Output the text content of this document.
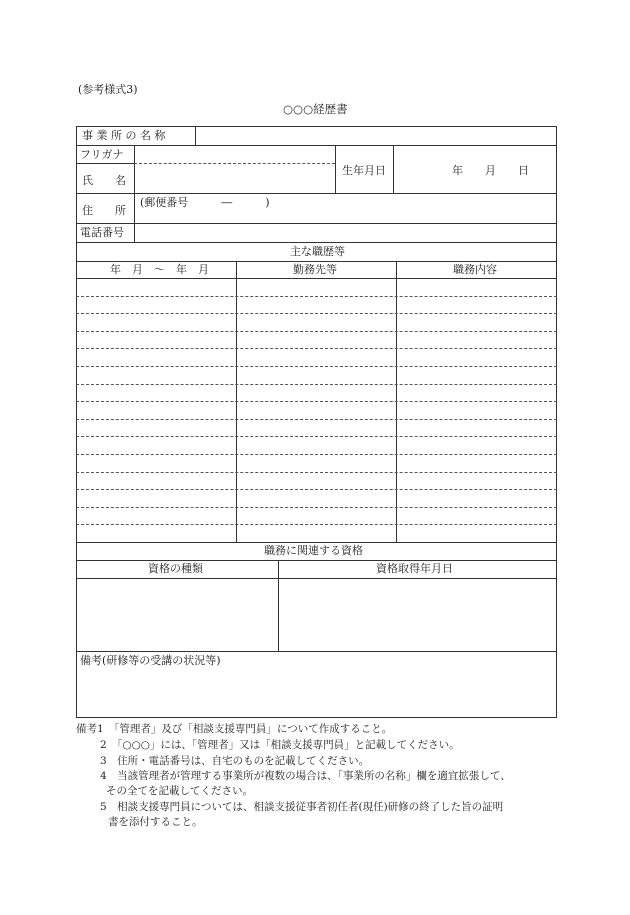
(参考様式3)
○○○経歴書
事 業 所 の 名 称
フリガナ
氏　　名
生年月日	年　　月　　日
住　　所
(郵便番号　　　―　　　)
電話番号
主な職歴等
年　月　～　年　月	勤務先等	職務内容
職務に関連する資格
資格の種類	資格取得年月日
備考(研修等の受講の状況等)
備考1　「管理者」及び「相談支援専門員」について作成すること。
2　「○○○」には、「管理者」又は「相談支援専門員」と記載してください。
3　住所・電話番号は、自宅のものを記載してください。
4　当該管理者が管理する事業所が複数の場合は、「事業所の名称」欄を適宜拡張して、
その全てを記載してください。
5　相談支援専門員については、相談支援従事者初任者(現任)研修の終了した旨の証明
書を添付すること。
